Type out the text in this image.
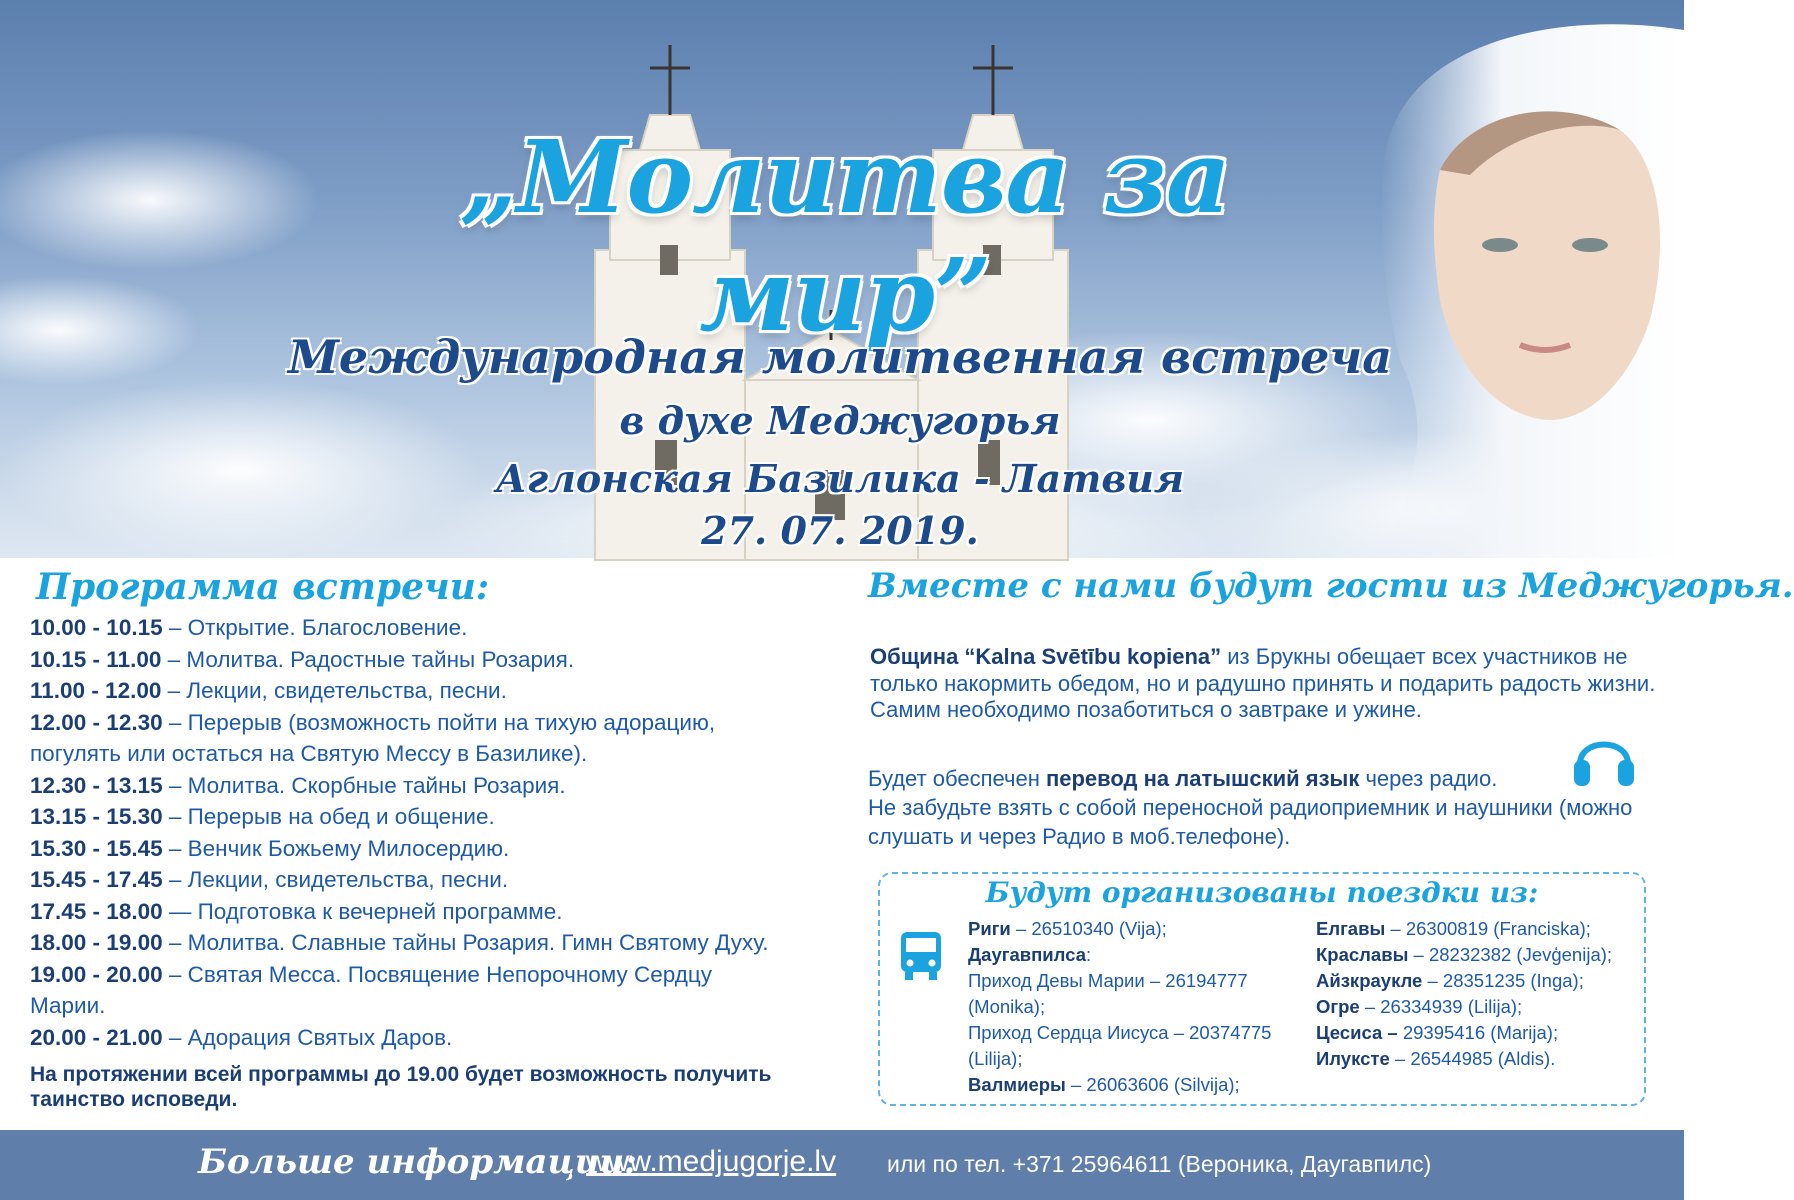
„Молитва за мир”
Международная молитвенная встреча
в духе Меджугорья
Аглонская Базилика - Латвия
27. 07. 2019.
Программа встречи:
10.00 - 10.15 – Открытие. Благословение.
10.15 - 11.00 – Молитва. Радостные тайны Розария.
11.00 - 12.00 – Лекции, свидетельства, песни.
12.00 - 12.30 – Перерыв (возможность пойти на тихую адорацию, погулять или остаться на Святую Мессу в Базилике).
12.30 - 13.15 – Молитва. Скорбные тайны Розария.
13.15 - 15.30 – Перерыв на обед и общение.
15.30 - 15.45 – Венчик Божьему Милосердию.
15.45 - 17.45 – Лекции, свидетельства, песни.
17.45 - 18.00 — Подготовка к вечерней программе.
18.00 - 19.00 – Молитва. Славные тайны Розария. Гимн Святому Духу.
19.00 - 20.00 – Святая Месса. Посвящение Непорочному Сердцу Марии.
20.00 - 21.00 – Адорация Святых Даров.
На протяжении всей программы до 19.00 будет возможность получить таинство исповеди.
Вместе с нами будут гости из Меджугорья.
Община “Kalna Svētību kopiena” из Брукны обещает всех участников не только накормить обедом, но и радушно принять и подарить радость жизни. Самим необходимо позаботиться о завтраке и ужине.
Будет обеспечен перевод на латышский язык через радио.
Не забудьте взять с собой переносной радиоприемник и наушники (можно слушать и через Радио в моб.телефоне).
Будут организованы поездки из:
Риги – 26510340 (Vija);
Даугавпилса:
Приход Девы Марии – 26194777 (Monika);
Приход Сердца Иисуса – 20374775 (Lilija);
Валмиеры – 26063606 (Silvija);
Елгавы – 26300819 (Franciska);
Краславы – 28232382 (Jevģenija);
Айзкраукле – 28351235 (Inga);
Огре – 26334939 (Lilija);
Цесиса – 29395416 (Marija);
Илуксте – 26544985 (Aldis).
Больше информации:
www.medjugorje.lv или по тел. +371 25964611 (Вероника, Даугавпилс)
